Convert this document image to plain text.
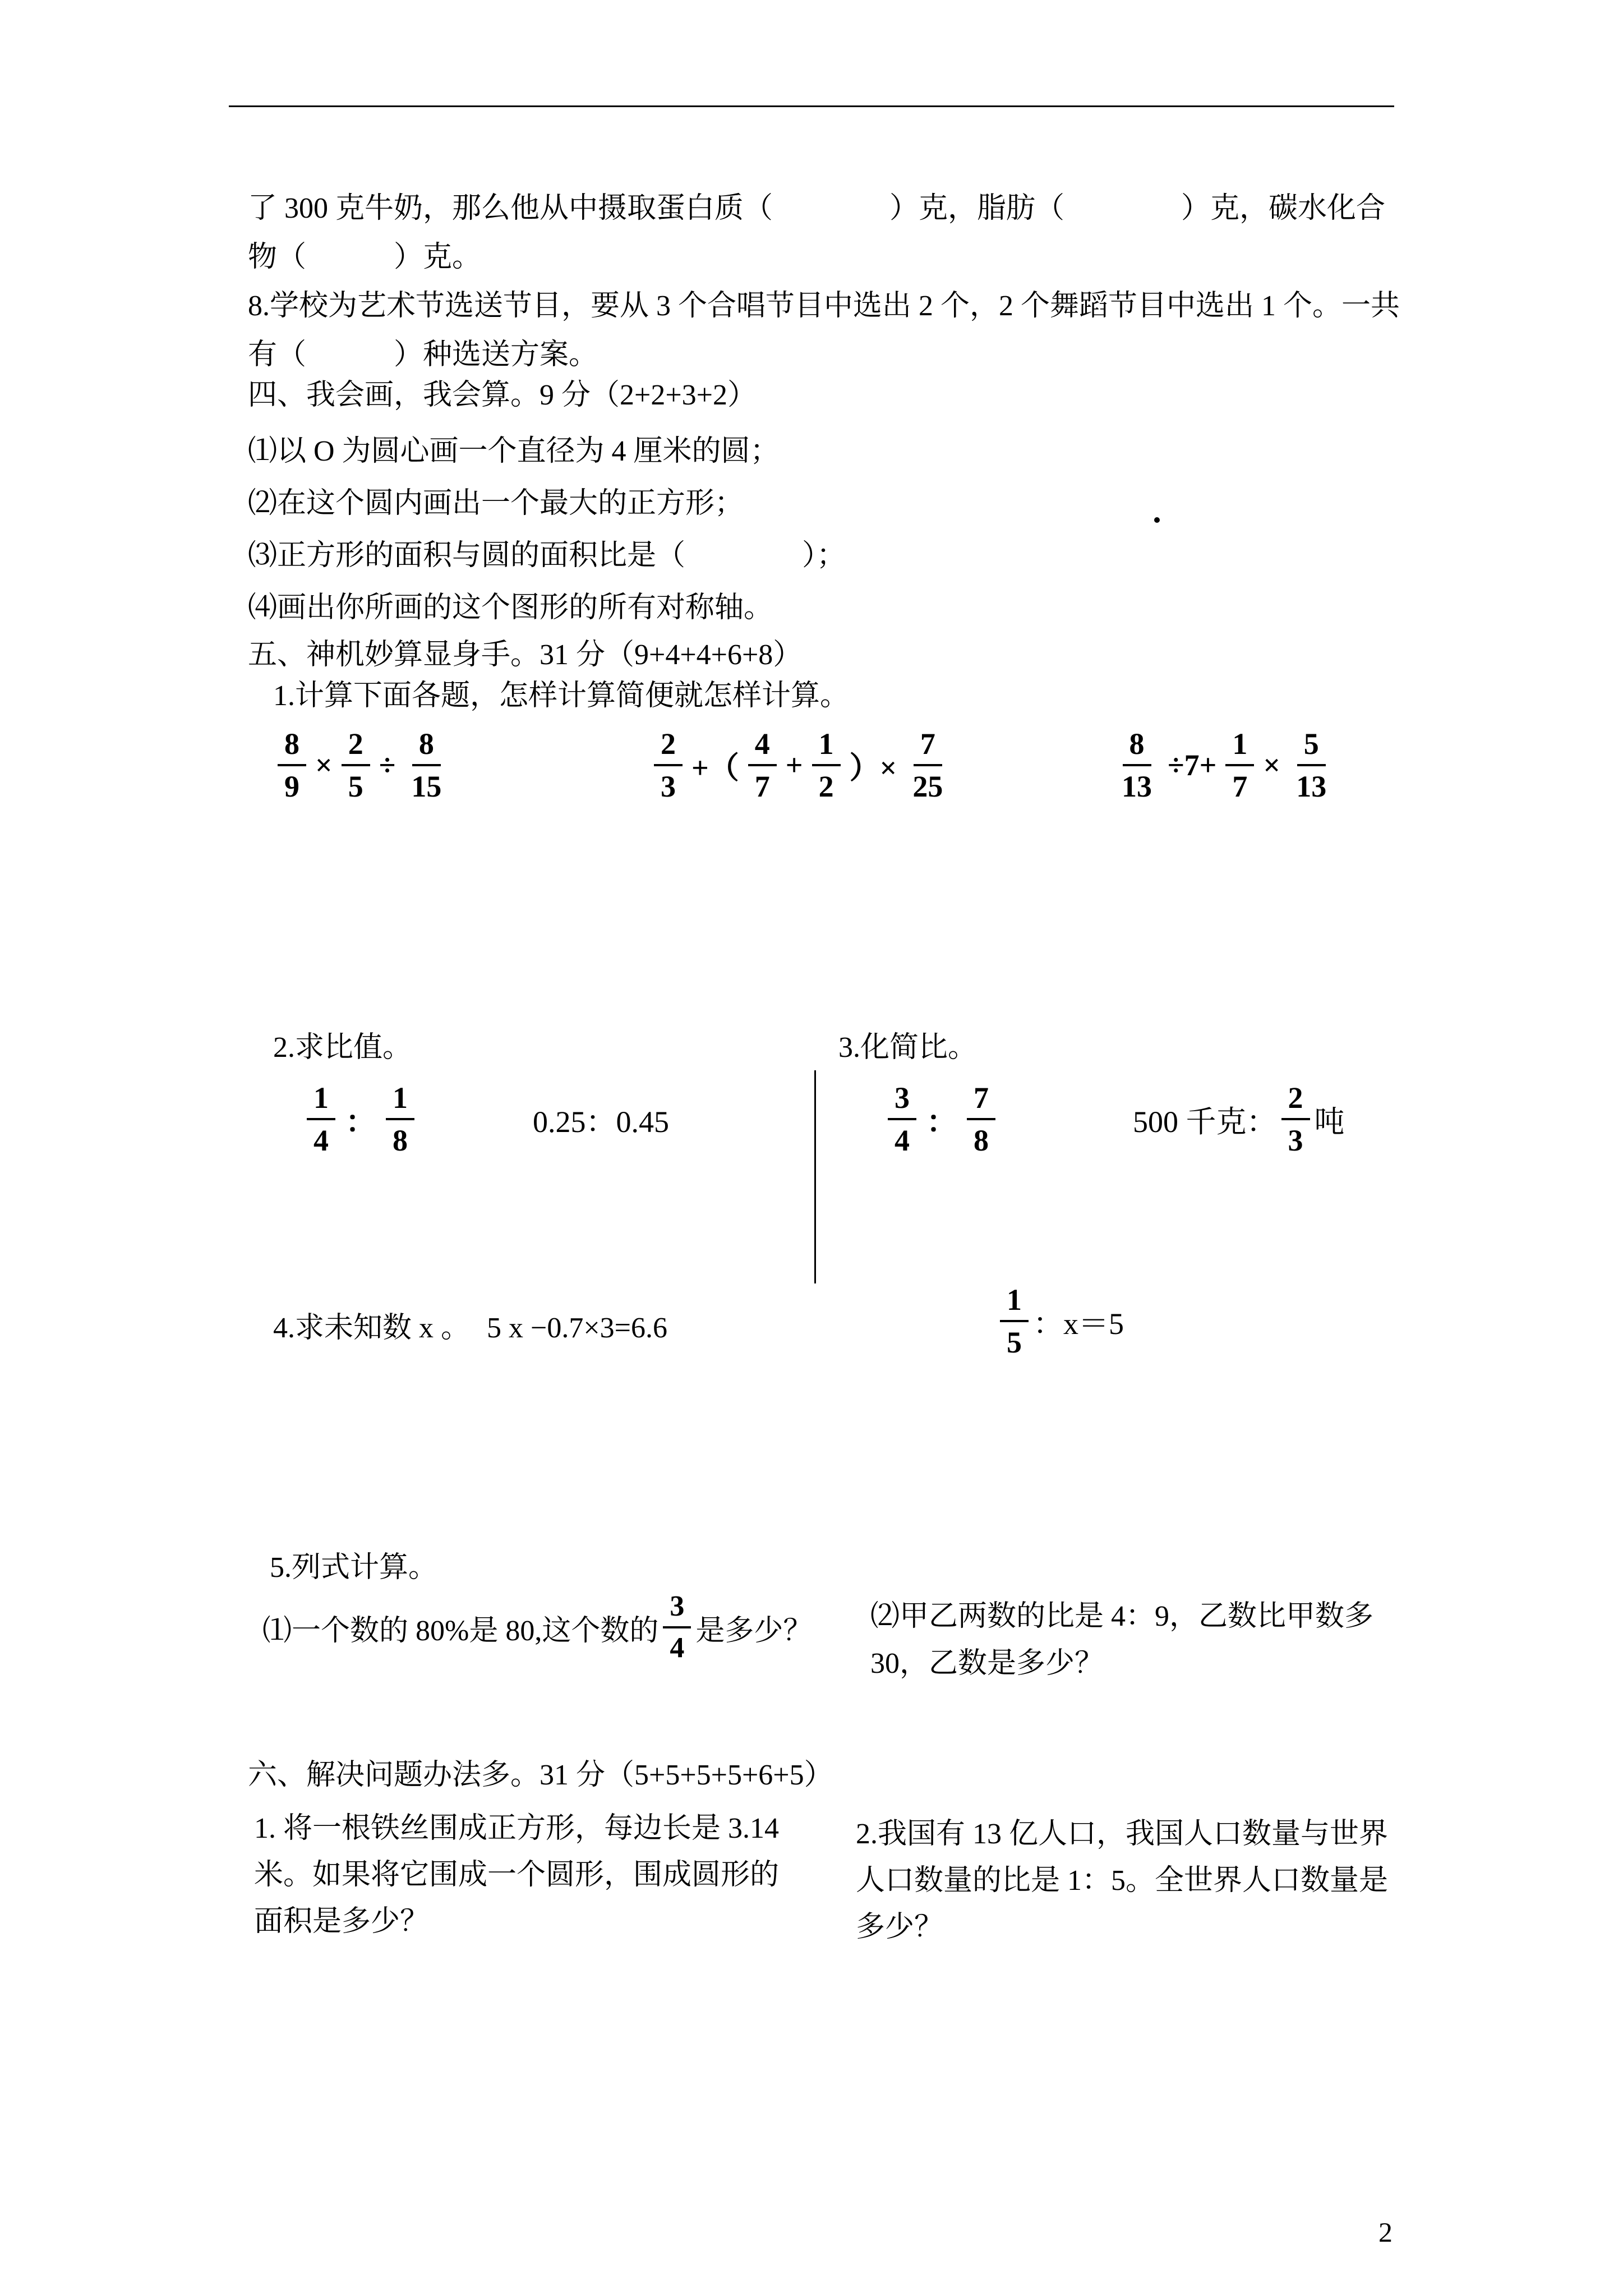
了 300 克牛奶，那么他从中摄取蛋白质（　　　　）克，脂肪（　　　　）克，碳水化合
物（　　　）克。
8.学校为艺术节选送节目，要从 3 个合唱节目中选出 2 个，2 个舞蹈节目中选出 1 个。一共
有（　　　）种选送方案。
四、我会画，我会算。9 分（2+2+3+2）
⑴以 O 为圆心画一个直径为 4 厘米的圆；
⑵在这个圆内画出一个最大的正方形；
⑶正方形的面积与圆的面积比是（　　　　）；
⑷画出你所画的这个图形的所有对称轴。
五、神机妙算显身手。31 分（9+4+4+6+8）
1.计算下面各题，怎样计算简便就怎样计算。
$\frac{8}{9} \times \frac{2}{5} \div \frac{8}{15}$	$\frac{2}{3}$ +（ $\frac{4}{7} + \frac{1}{2}$ ）× $\frac{7}{25}$	$\frac{8}{13} \div 7+ \frac{1}{7} \times \frac{5}{13}$
2.求比值。	3.化简比。
$\frac{1}{4}$ ： $\frac{1}{8}$	0.25：0.45	$\frac{3}{4}$ ： $\frac{7}{8}$	500 千克： $\frac{2}{3}$ 吨
4.求未知数 x 。 5 x −0.7×3=6.6	$\frac{1}{5}$ ：x＝5
5.列式计算。
⑴一个数的 80%是 80,这个数的 $\frac{3}{4}$ 是多少？ ⑵甲乙两数的比是 4：9，乙数比甲数多
30，乙数是多少？
六、解决问题办法多。31 分（5+5+5+5+6+5）
1. 将一根铁丝围成正方形，每边长是 3.14
米。如果将它围成一个圆形，围成圆形的
面积是多少？
2.我国有 13 亿人口，我国人口数量与世界
人口数量的比是 1：5。全世界人口数量是
多少？
2
